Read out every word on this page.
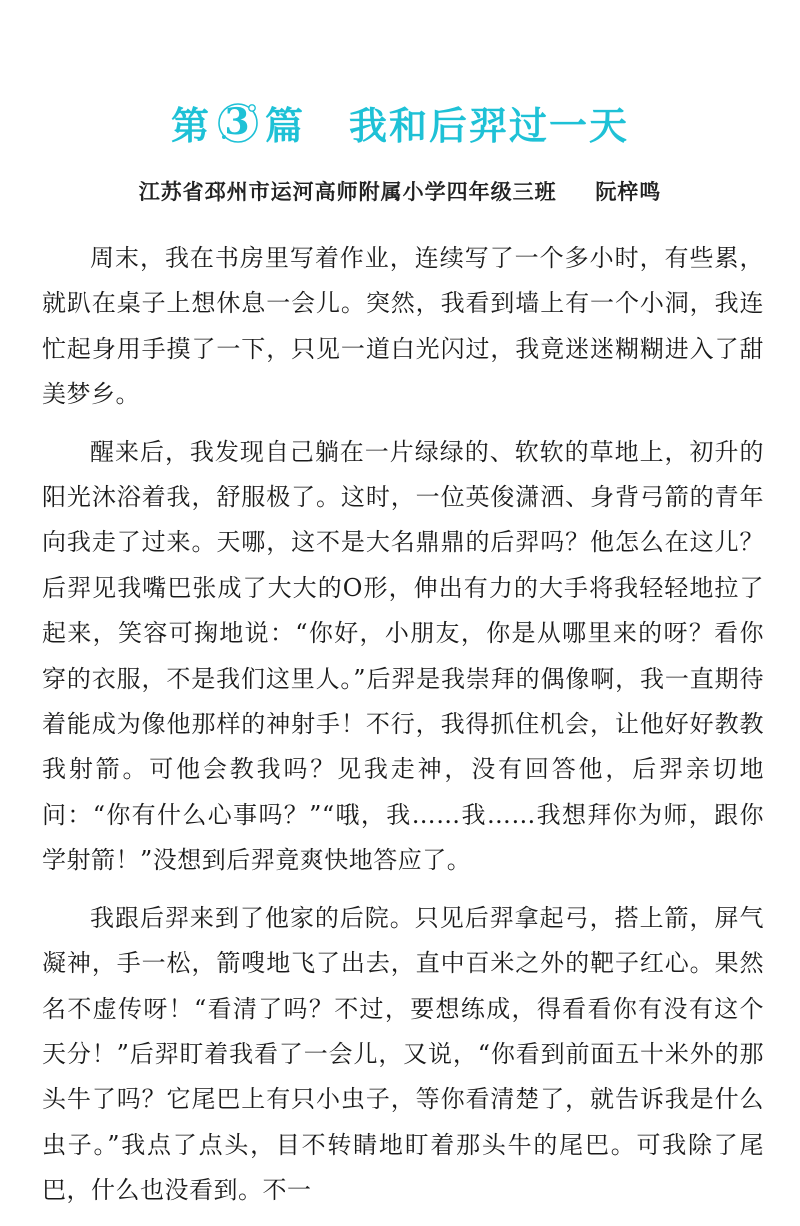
第 3 篇 我和后羿过一天
江苏省邳州市运河高师附属小学四年级三班 阮梓鸣

周末，我在书房里写着作业，连续写了一个多小时，有些累，就趴在桌子上想休息一会儿。突然，我看到墙上有一个小洞，我连忙起身用手摸了一下，只见一道白光闪过，我竟迷迷糊糊进入了甜美梦乡。

醒来后，我发现自己躺在一片绿绿的、软软的草地上，初升的阳光沐浴着我，舒服极了。这时，一位英俊潇洒、身背弓箭的青年向我走了过来。天哪，这不是大名鼎鼎的后羿吗？他怎么在这儿？后羿见我嘴巴张成了大大的O形，伸出有力的大手将我轻轻地拉了起来，笑容可掬地说：“你好，小朋友，你是从哪里来的呀？看你穿的衣服，不是我们这里人。”后羿是我崇拜的偶像啊，我一直期待着能成为像他那样的神射手！不行，我得抓住机会，让他好好教教我射箭。可他会教我吗？见我走神，没有回答他，后羿亲切地问：“你有什么心事吗？”“哦，我……我……我想拜你为师，跟你学射箭！”没想到后羿竟爽快地答应了。

我跟后羿来到了他家的后院。只见后羿拿起弓，搭上箭，屏气凝神，手一松，箭嗖地飞了出去，直中百米之外的靶子红心。果然名不虚传呀！“看清了吗？不过，要想练成，得看看你有没有这个天分！”后羿盯着我看了一会儿，又说，“你看到前面五十米外的那头牛了吗？它尾巴上有只小虫子，等你看清楚了，就告诉我是什么虫子。”我点了点头，目不转睛地盯着那头牛的尾巴。可我除了尾巴，什么也没看到。不一
